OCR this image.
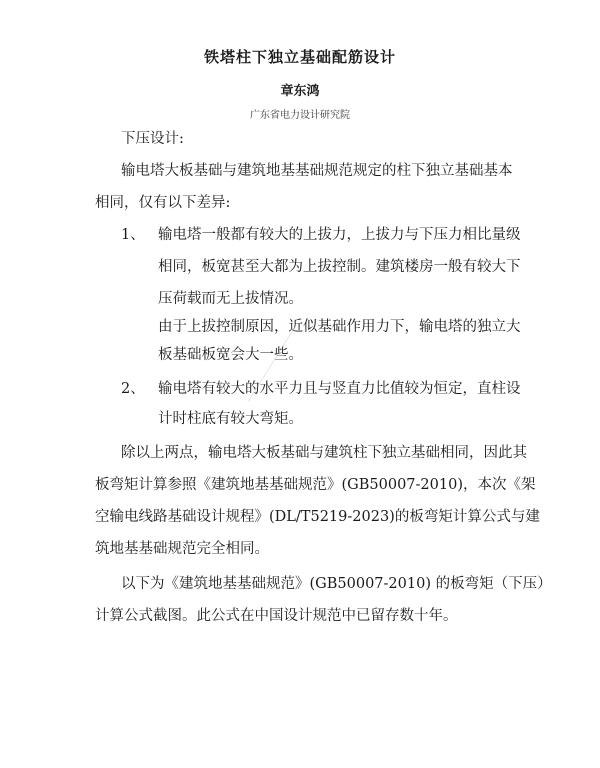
铁塔柱下独立基础配筋设计
章东鸿
广东省电力设计研究院
下压设计:
输电塔大板基础与建筑地基基础规范规定的柱下独立基础基本
相同，仅有以下差异:
1、 输电塔一般都有较大的上拔力，上拔力与下压力相比量级
相同，板宽甚至大都为上拔控制。建筑楼房一般有较大下
压荷载而无上拔情况。
由于上拔控制原因，近似基础作用力下，输电塔的独立大
板基础板宽会大一些。
2、 输电塔有较大的水平力且与竖直力比值较为恒定，直柱设
计时柱底有较大弯矩。
除以上两点，输电塔大板基础与建筑柱下独立基础相同，因此其
板弯矩计算参照《建筑地基基础规范》(GB50007-2010)，本次《架
空输电线路基础设计规程》(DL/T5219-2023)的板弯矩计算公式与建
筑地基基础规范完全相同。
以下为《建筑地基基础规范》(GB50007-2010) 的板弯矩（下压）
计算公式截图。此公式在中国设计规范中已留存数十年。
